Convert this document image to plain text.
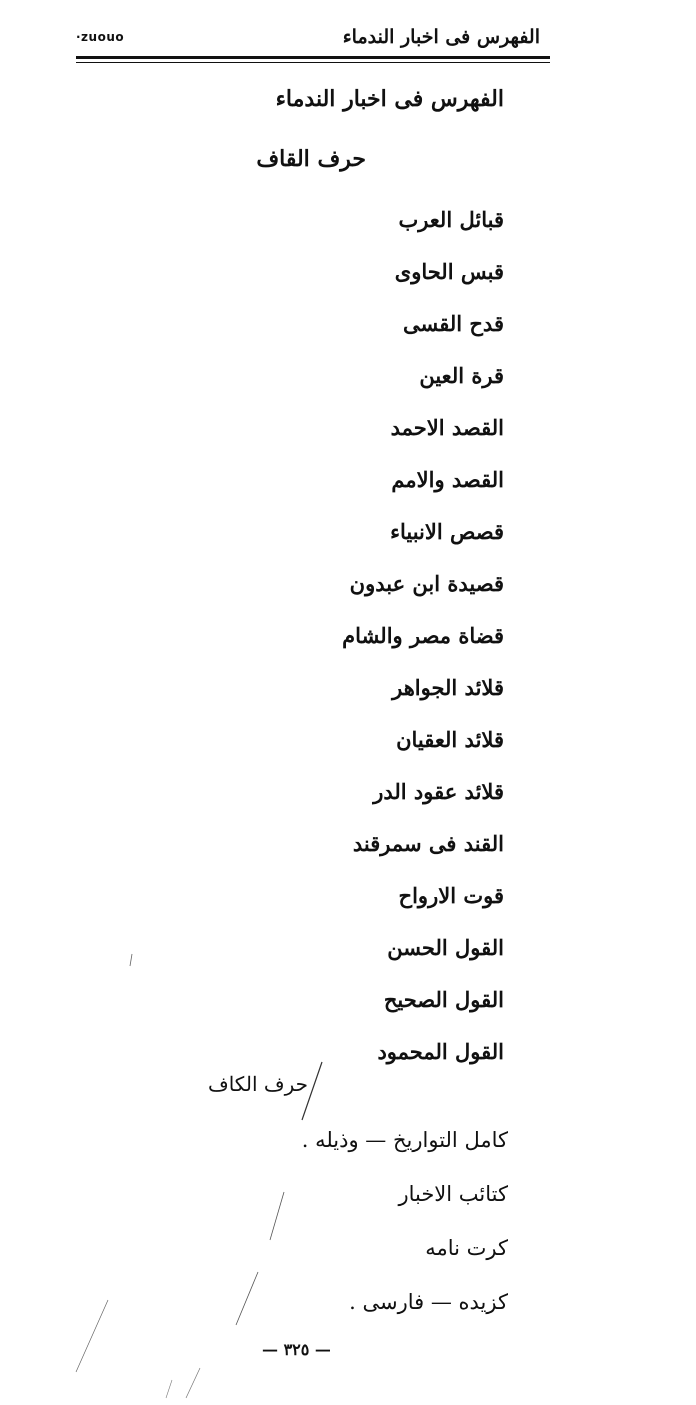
الفهرس فى اخبار الندماء
·zuouo
الفهرس فى اخبار الندماء
حرف القاف
قبائل العرب
قبس الحاوى
قدح القسى
قرة العين
القصد الاحمد
القصد والامم
قصص الانبياء
قصيدة ابن عبدون
قضاة مصر والشام
قلائد الجواهر
قلائد العقيان
قلائد عقود الدر
القند فى سمرقند
قوت الارواح
القول الحسن
القول الصحيح
القول المحمود
حرف الكاف
كامل التواريخ — وذيله .
كتائب الاخبار
كرت نامه
كزيده — فارسى .
— ٣٢٥ —
